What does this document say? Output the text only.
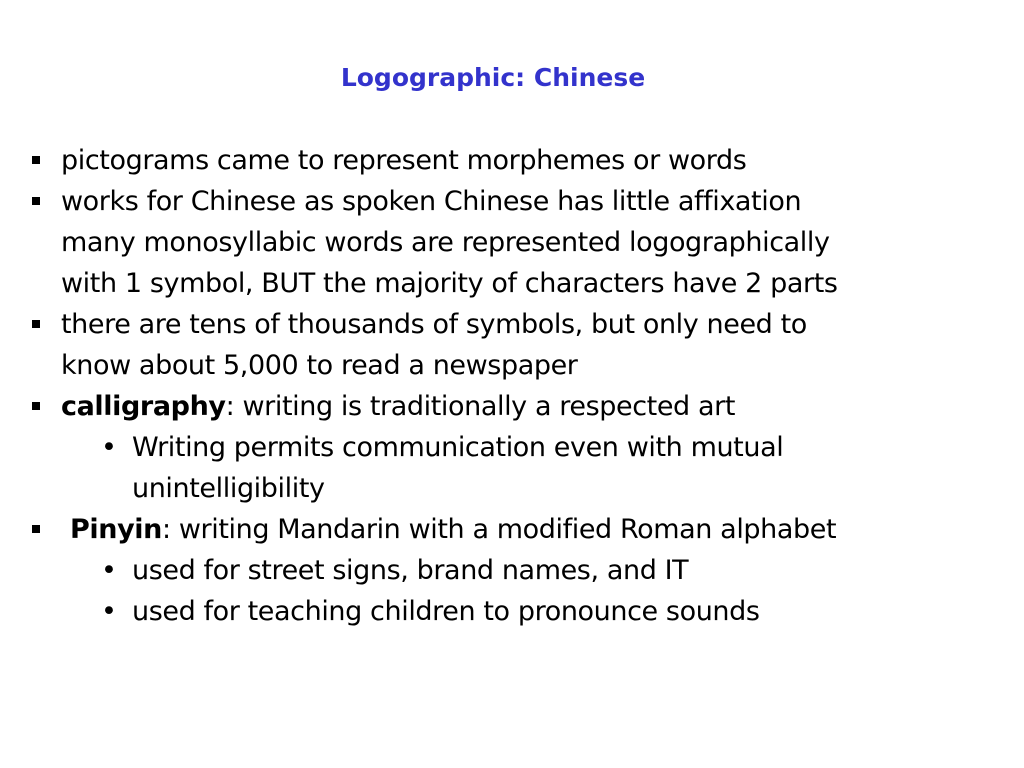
Logographic: Chinese
pictograms came to represent morphemes or words
works for Chinese as spoken Chinese has little affixation
many monosyllabic words are represented logographically
with 1 symbol, BUT the majority of characters have 2 parts
there are tens of thousands of symbols, but only need to
know about 5,000 to read a newspaper
calligraphy: writing is traditionally a respected art
• Writing permits communication even with mutual
unintelligibility
Pinyin: writing Mandarin with a modified Roman alphabet
• used for street signs, brand names, and IT
• used for teaching children to pronounce sounds
